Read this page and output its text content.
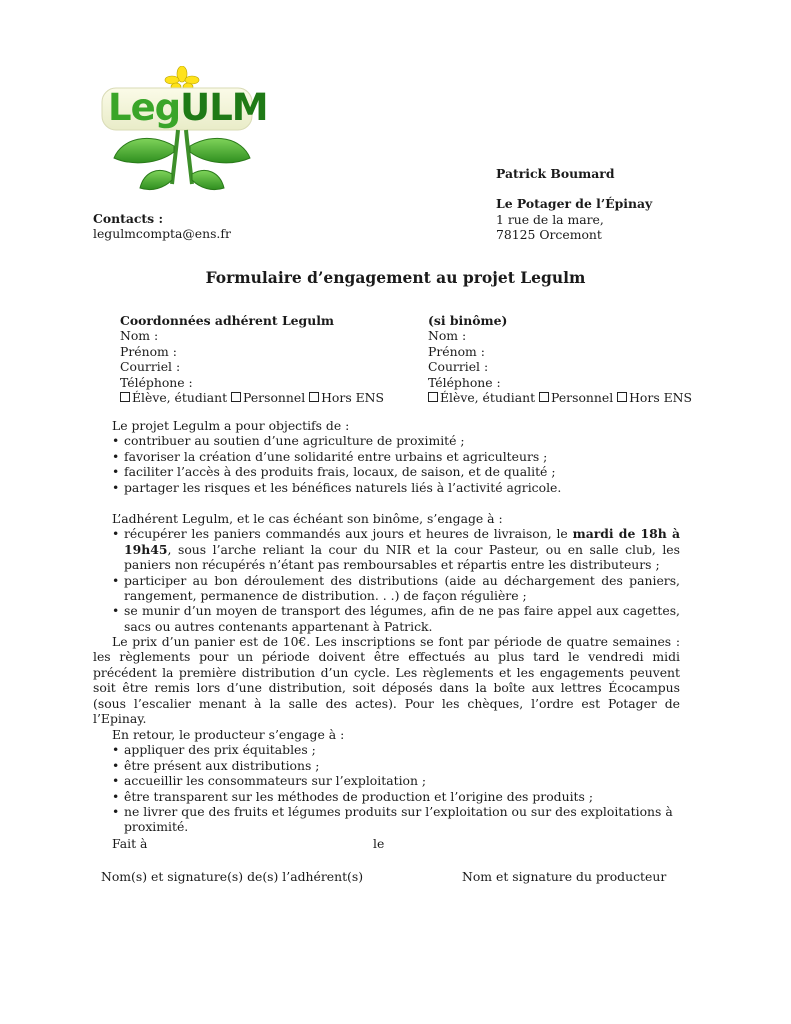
LegULM
Patrick Boumard
Le Potager de l’Épinay
1 rue de la mare,
78125 Orcemont
Contacts :
legulmcompta@ens.fr
Formulaire d’engagement au projet Legulm
Coordonnées adhérent Legulm
Nom :
Prénom :
Courriel :
Téléphone :
Élève, étudiant Personnel Hors ENS
(si binôme)
Nom :
Prénom :
Courriel :
Téléphone :
Élève, étudiant Personnel Hors ENS

Le projet Legulm a pour objectifs de :

• contribuer au soutien d’une agriculture de proximité ;
• favoriser la création d’une solidarité entre urbains et agriculteurs ;
• faciliter l’accès à des produits frais, locaux, de saison, et de qualité ;
• partager les risques et les bénéfices naturels liés à l’activité agricole.

L’adhérent Legulm, et le cas échéant son binôme, s’engage à :

• récupérer les paniers commandés aux jours et heures de livraison, le mardi de 18h à 19h45, sous l’arche reliant la cour du NIR et la cour Pasteur, ou en salle club, les paniers non récupérés n’étant pas remboursables et répartis entre les distributeurs ;
• participer au bon déroulement des distributions (aide au déchargement des paniers, rangement, permanence de distribution. . .) de façon régulière ;
• se munir d’un moyen de transport des légumes, afin de ne pas faire appel aux cagettes, sacs ou autres contenants appartenant à Patrick.
Le prix d’un panier est de 10€. Les inscriptions se font par période de quatre semaines : les règlements pour un période doivent être effectués au plus tard le vendredi midi précédent la première distribution d’un cycle. Les règlements et les engagements peuvent soit être remis lors d’une distribution, soit déposés dans la boîte aux lettres Écocampus (sous l’escalier menant à la salle des actes). Pour les chèques, l’ordre est Potager de l’Epinay.

En retour, le producteur s’engage à :

• appliquer des prix équitables ;
• être présent aux distributions ;
• accueillir les consommateurs sur l’exploitation ;
• être transparent sur les méthodes de production et l’origine des produits ;
• ne livrer que des fruits et légumes produits sur l’exploitation ou sur des exploitations à proximité.
Fait à	le
Nom(s) et signature(s) de(s) l’adhérent(s)	Nom et signature du producteur
